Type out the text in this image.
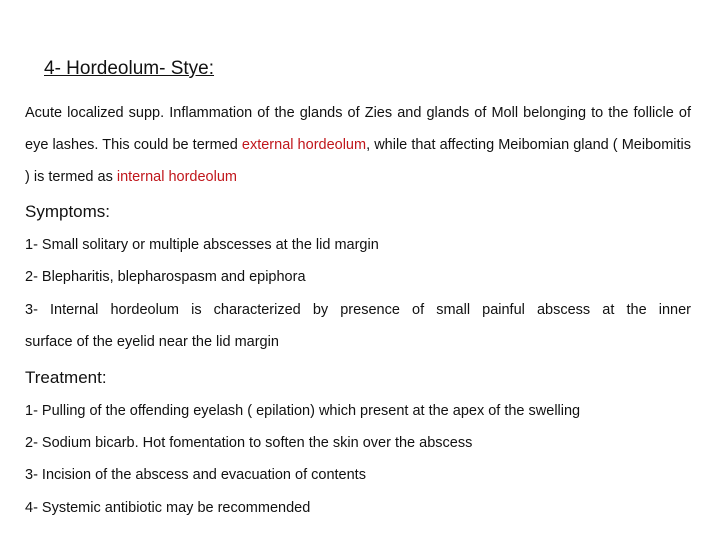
4- Hordeolum- Stye:
Acute localized supp. Inflammation of the glands of Zies and glands of Moll belonging to the follicle of eye lashes. This could be termed external hordeolum, while that affecting Meibomian gland ( Meibomitis ) is termed as internal hordeolum
Symptoms:
1- Small solitary or multiple abscesses at the lid margin
2- Blepharitis, blepharospasm and epiphora
3- Internal hordeolum is characterized by presence of small painful abscess at the inner
surface of the eyelid near the lid margin
Treatment:
1- Pulling of the offending eyelash ( epilation) which present at the apex of the swelling
2- Sodium bicarb. Hot fomentation to soften the skin over the abscess
3- Incision of the abscess and evacuation of contents
4- Systemic antibiotic may be recommended
